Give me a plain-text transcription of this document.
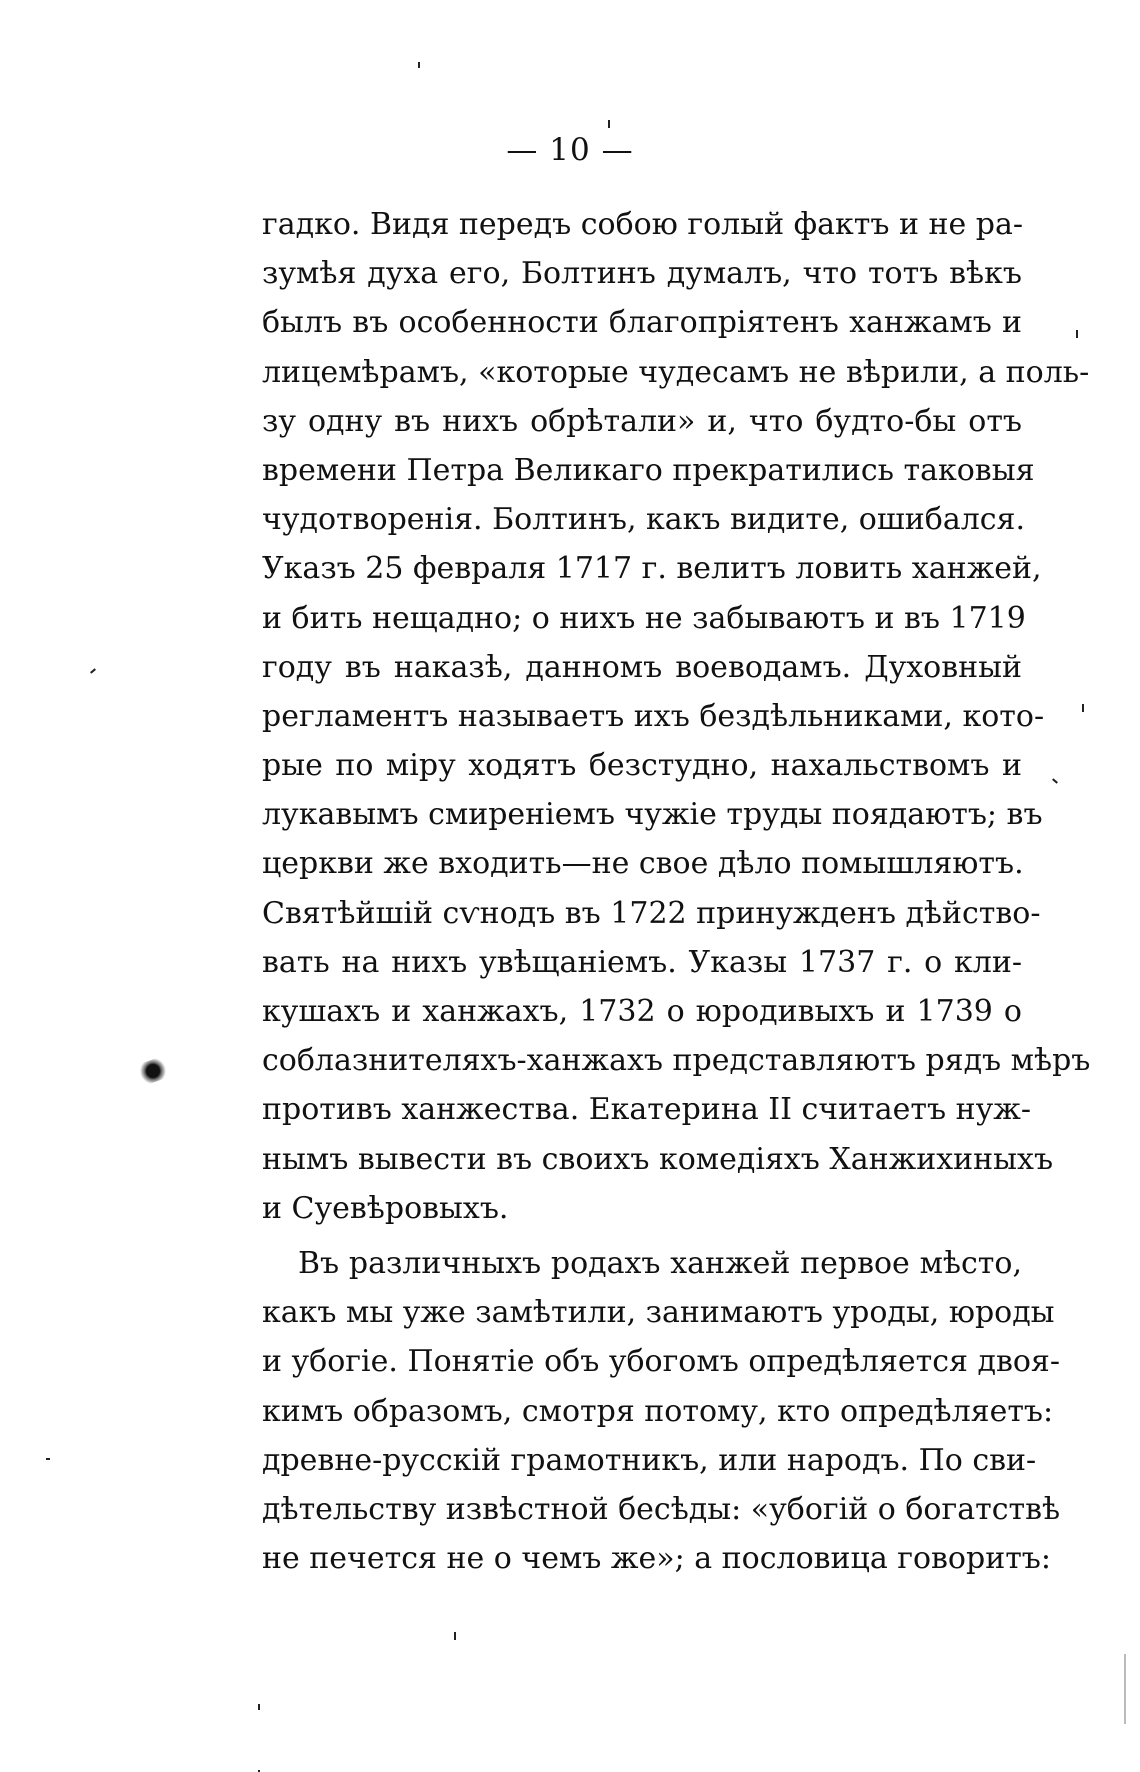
— 10 —

гадко. Видя передъ собою голый фактъ и не ра-
зумѣя духа его, Болтинъ думалъ, что тотъ вѣкъ
былъ въ особенности благопріятенъ ханжамъ и
лицемѣрамъ, «которые чудесамъ не вѣрили, а поль-
зу одну въ нихъ обрѣтали» и, что будто-бы отъ
времени Петра Великаго прекратились таковыя
чудотворенія. Болтинъ, какъ видите, ошибался.
Указъ 25 февраля 1717 г. велитъ ловить ханжей,
и бить нещадно; о нихъ не забываютъ и въ 1719
году въ наказѣ, данномъ воеводамъ. Духовный
регламентъ называетъ ихъ бездѣльниками, кото-
рые по міру ходятъ безстудно, нахальствомъ и
лукавымъ смиреніемъ чужіе труды поядаютъ; въ
церкви же входить—не свое дѣло помышляютъ.
Святѣйшій сѵнодъ въ 1722 принужденъ дѣйство-
вать на нихъ увѣщаніемъ. Указы 1737 г. о кли-
кушахъ и ханжахъ, 1732 о юродивыхъ и 1739 о
соблазнителяхъ-ханжахъ представляютъ рядъ мѣръ
противъ ханжества. Екатерина II считаетъ нуж-
нымъ вывести въ своихъ комедіяхъ Ханжихиныхъ
и Суевѣровыхъ.

Въ различныхъ родахъ ханжей первое мѣсто,
какъ мы уже замѣтили, занимаютъ уроды, юроды
и убогіе. Понятіе объ убогомъ опредѣляется двоя-
кимъ образомъ, смотря потому, кто опредѣляетъ:
древне-русскій грамотникъ, или народъ. По сви-
дѣтельству извѣстной бесѣды: «убогій о богатствѣ
не печется не о чемъ же»; а пословица говоритъ:
